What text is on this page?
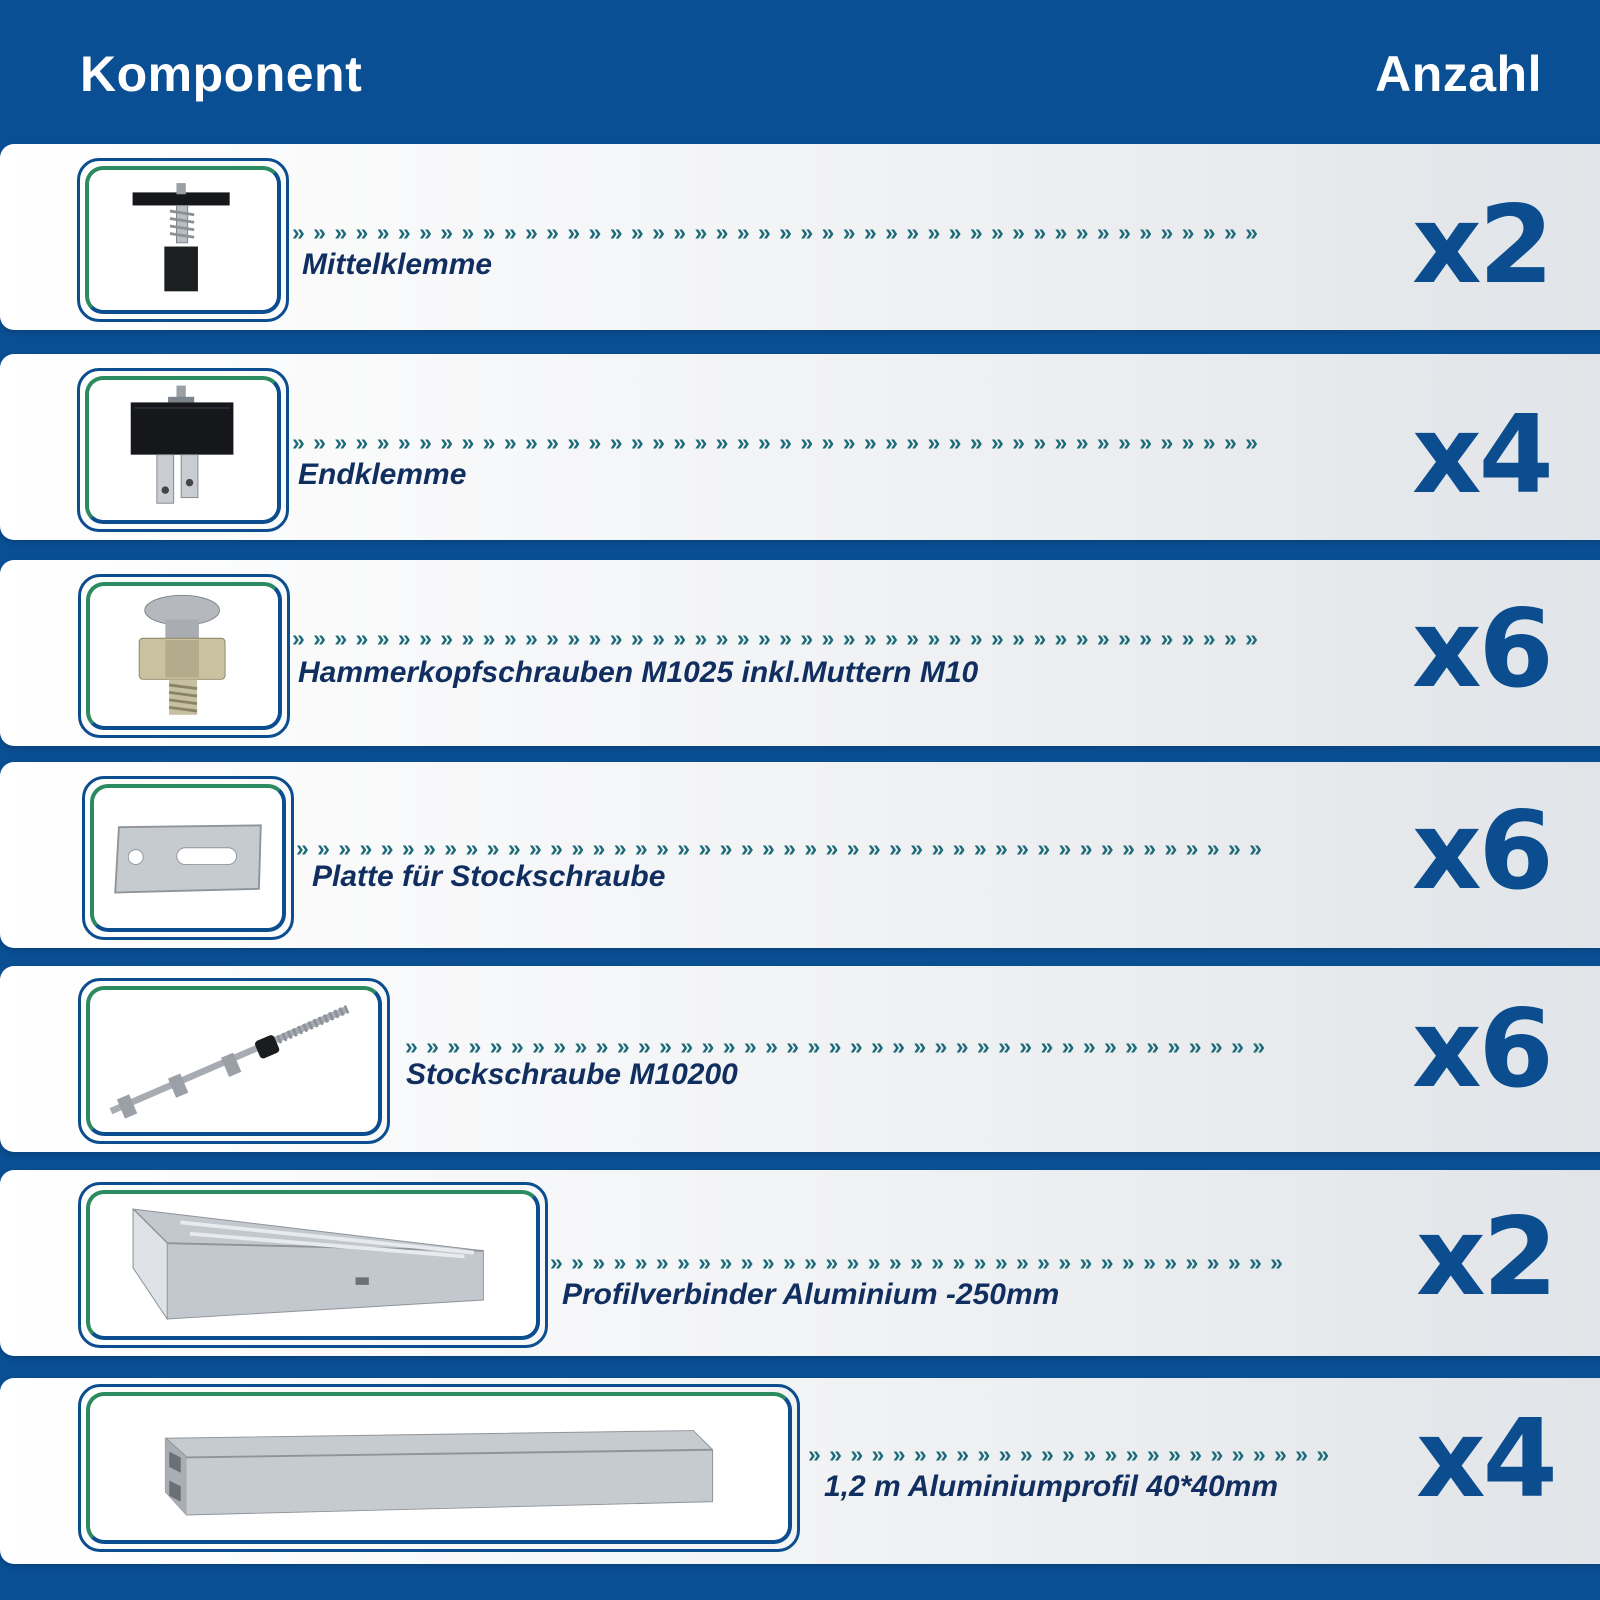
Komponent	Anzahl
» » » » » » » » » » » » » » » » » » » » » » » » » » » » » » » » » » » » » » » » » » » » » »
Mittelklemme	x2
» » » » » » » » » » » » » » » » » » » » » » » » » » » » » » » » » » » » » » » » » » » » » »
Endklemme	x4
» » » » » » » » » » » » » » » » » » » » » » » » » » » » » » » » » » » » » » » » » » » » » »
Hammerkopfschrauben M1025 inkl.Muttern M10	x6
» » » » » » » » » » » » » » » » » » » » » » » » » » » » » » » » » » » » » » » » » » » » » »
Platte für Stockschraube	x6
» » » » » » » » » » » » » » » » » » » » » » » » » » » » » » » » » » » » » » » » »
Stockschraube M10200	x6
» » » » » » » » » » » » » » » » » » » » » » » » » » » » » » » » » » »
Profilverbinder Aluminium -250mm	x2
» » » » » » » » » » » » » » » » » » » » » » » » »
1,2 m Aluminiumprofil 40*40mm x4
